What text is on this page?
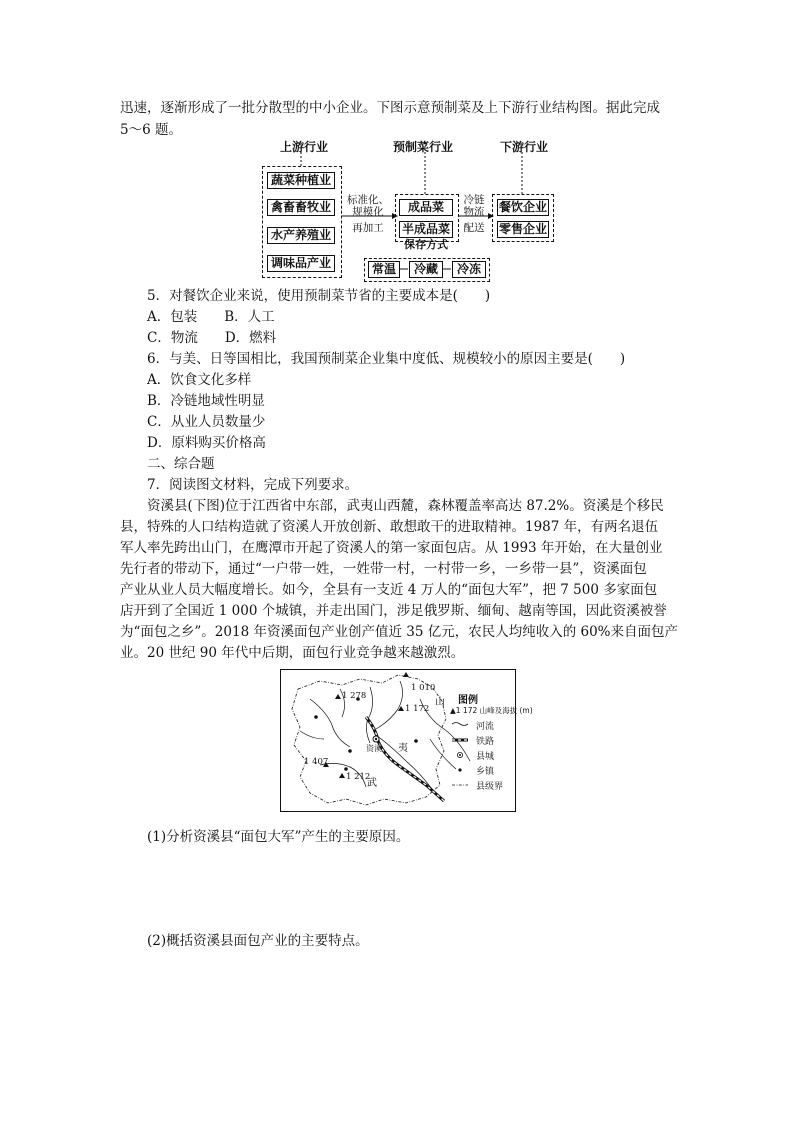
迅速，逐渐形成了一批分散型的中小企业。下图示意预制菜及上下游行业结构图。据此完成
5～6 题。
上游行业	预制菜行业	下游行业
蔬菜种植业
禽畜畜牧业
水产养殖业
调味品产业
标准化、
规模化
再加工
成品菜
半成品菜
冷链
物流
配送
餐饮企业
零售企业
保存方式
常温	冷藏	冷冻
5．对餐饮企业来说，使用预制菜节省的主要成本是(　　)
A．包装　　B．人工
C．物流　　D．燃料
6．与美、日等国相比，我国预制菜企业集中度低、规模较小的原因主要是(　　)
A．饮食文化多样
B．冷链地域性明显
C．从业人员数量少
D．原料购买价格高
二、综合题
7．阅读图文材料，完成下列要求。
资溪县(下图)位于江西省中东部，武夷山西麓，森林覆盖率高达 87.2%。资溪是个移民
县，特殊的人口结构造就了资溪人开放创新、敢想敢干的进取精神。1987 年，有两名退伍
军人率先跨出山门，在鹰潭市开起了资溪人的第一家面包店。从 1993 年开始，在大量创业
先行者的带动下，通过“一户带一姓，一姓带一村，一村带一乡，一乡带一县”，资溪面包
产业从业人员大幅度增长。如今，全县有一支近 4 万人的“面包大军”，把 7 500 多家面包
店开到了全国近 1 000 个城镇，并走出国门，涉足俄罗斯、缅甸、越南等国，因此资溪被誉
为“面包之乡”。2018 年资溪面包产业创产值近 35 亿元，农民人均纯收入的 60%来自面包产
业。20 世纪 90 年代中后期，面包行业竞争越来越激烈。
1 278
1 010
1 172
1 407
1 212
资溪
山
夷
武
图例
▲1 172 山峰及海拔 (m)
河流
铁路
县城
乡镇
县级界
(1)分析资溪县“面包大军”产生的主要原因。
(2)概括资溪县面包产业的主要特点。
